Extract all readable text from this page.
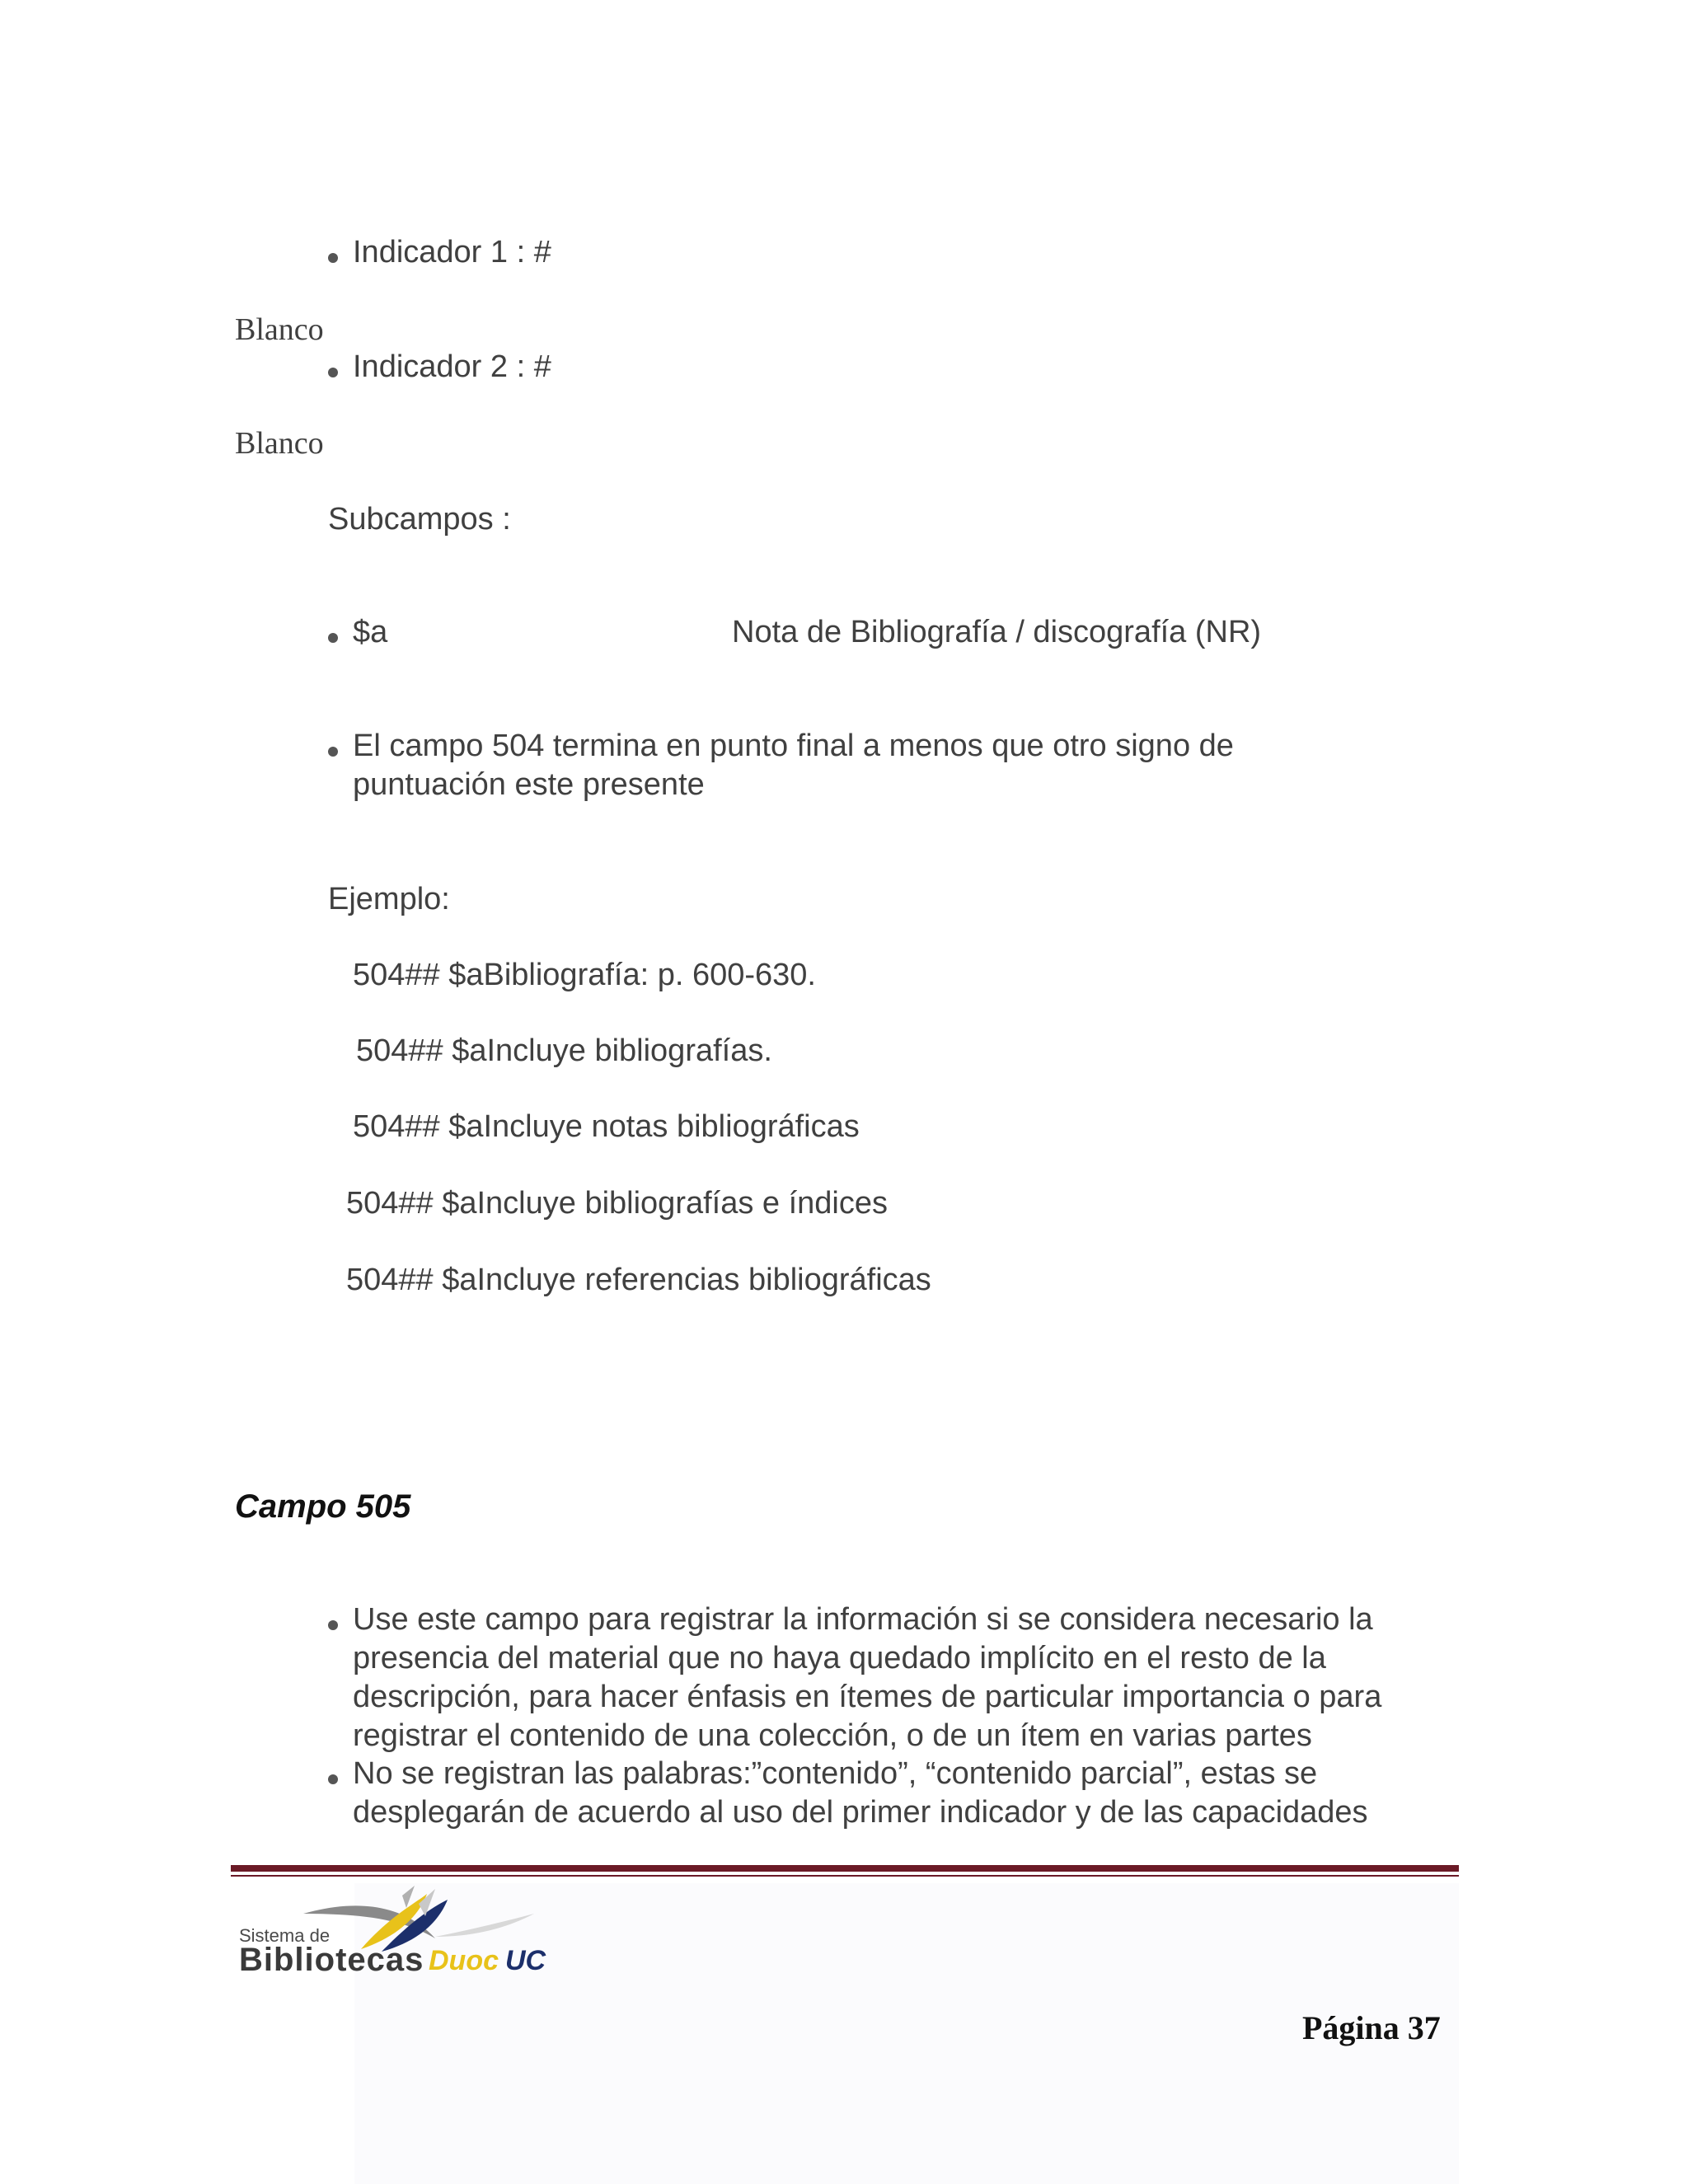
Indicador 1 : #
Blanco
Indicador 2 : #
Blanco
Subcampos :
$a	Nota de Bibliografía / discografía (NR)
El campo 504 termina en punto final a menos que otro signo de
puntuación este presente
Ejemplo:
504## $aBibliografía: p. 600-630.
504## $aIncluye bibliografías.
504## $aIncluye notas bibliográficas
504## $aIncluye bibliografías e índices
504## $aIncluye referencias bibliográficas
Campo 505
Use este campo para registrar la información si se considera necesario la
presencia del material que no haya quedado implícito en el resto de la
descripción, para hacer énfasis en ítemes de particular importancia o para
registrar el contenido de una colección, o de un ítem en varias partes
No se registran las palabras:”contenido”, “contenido parcial”, estas se
desplegarán de acuerdo al uso del primer indicador y de las capacidades
Sistema de
Bibliotecas Duoc UC
Página 37
